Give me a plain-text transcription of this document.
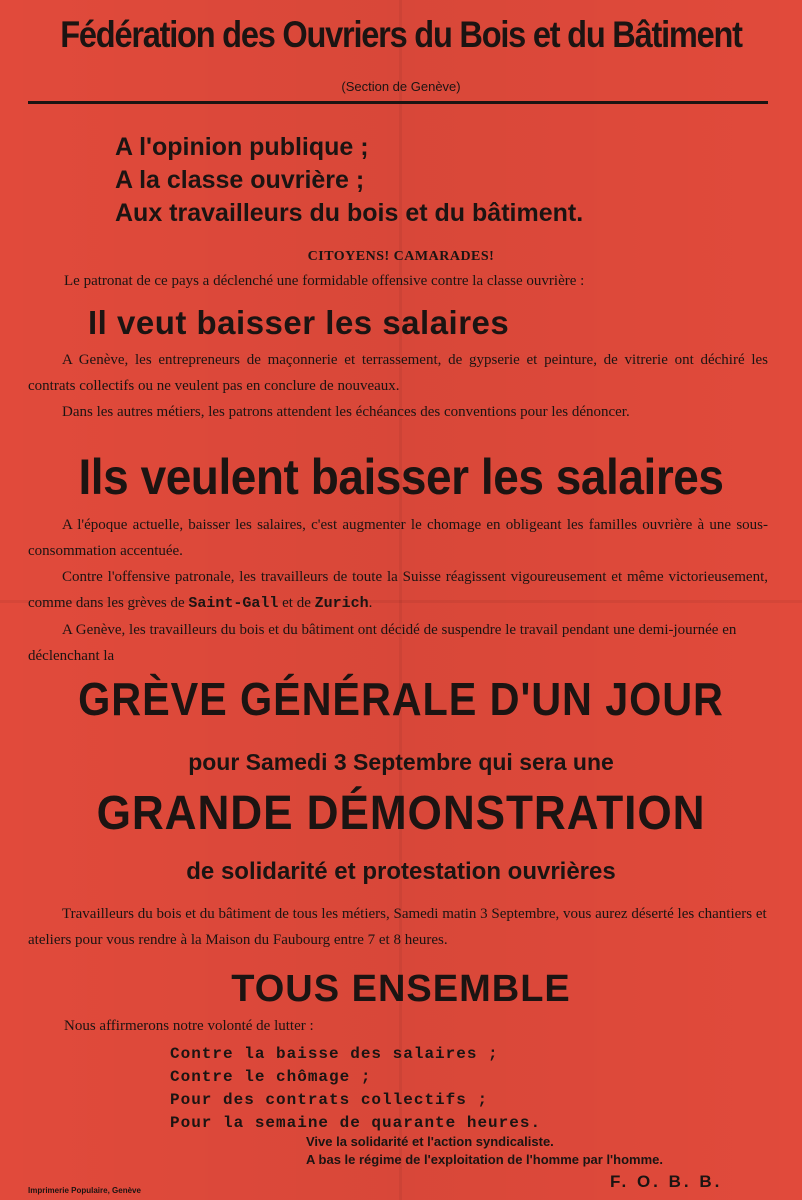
Fédération des Ouvriers du Bois et du Bâtiment
(Section de Genève)
A l'opinion publique ;
A la classe ouvrière ;
Aux travailleurs du bois et du bâtiment.
CITOYENS! CAMARADES!
Le patronat de ce pays a déclenché une formidable offensive contre la classe ouvrière :
Il veut baisser les salaires

A Genève, les entrepreneurs de maçonnerie et terrassement, de gypserie et peinture, de vitrerie ont déchiré les contrats collectifs ou ne veulent pas en conclure de nouveaux.

Dans les autres métiers, les patrons attendent les échéances des conventions pour les dénoncer.

Ils veulent baisser les salaires

A l'époque actuelle, baisser les salaires, c'est augmenter le chomage en obligeant les familles ouvrière à une sous-consommation accentuée.

Contre l'offensive patronale, les travailleurs de toute la Suisse réagissent vigoureusement et même victorieusement, comme dans les grèves de Saint-Gall et de Zurich.

A Genève, les travailleurs du bois et du bâtiment ont décidé de suspendre le travail pendant une demi-journée en déclenchant la

GRÈVE GÉNÉRALE D'UN JOUR
pour Samedi 3 Septembre qui sera une
GRANDE DÉMONSTRATION
de solidarité et protestation ouvrières

Travailleurs du bois et du bâtiment de tous les métiers, Samedi matin 3 Septembre, vous aurez déserté les chantiers et ateliers pour vous rendre à la Maison du Faubourg entre 7 et 8 heures.

TOUS ENSEMBLE
Nous affirmerons notre volonté de lutter :
Contre la baisse des salaires ;
Contre le chômage ;
Pour des contrats collectifs ;
Pour la semaine de quarante heures.
Vive la solidarité et l'action syndicaliste.
A bas le régime de l'exploitation de l'homme par l'homme.
F. O. B. B.
Imprimerie Populaire, Genève
